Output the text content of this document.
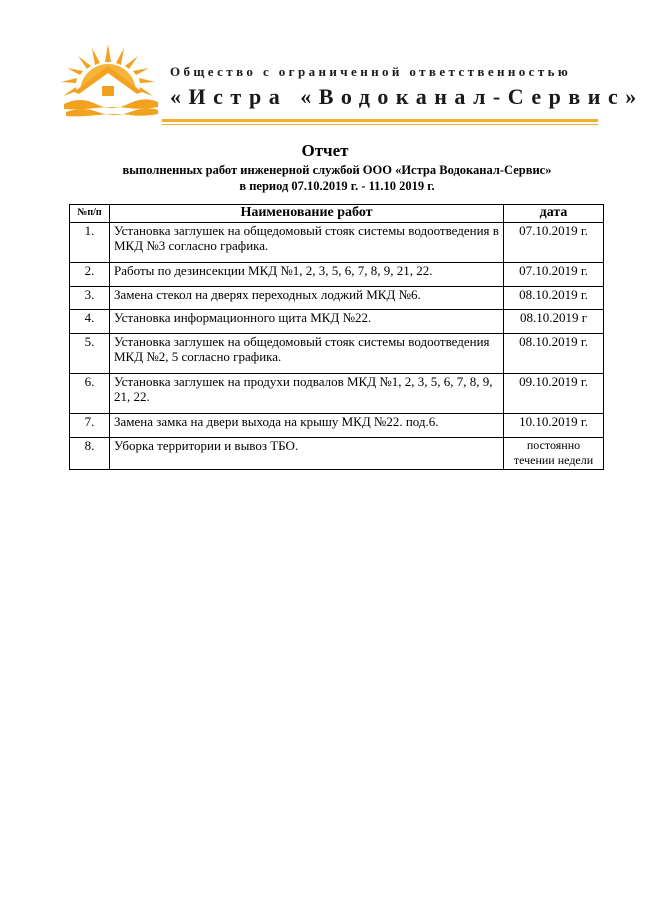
Общество с ограниченной ответственностью
«Истра «Водоканал-Сервис»
Отчет
выполненных работ инженерной службой ООО «Истра Водоканал-Сервис»
в период 07.10.2019 г. - 11.10 2019 г.
№п/п	Наименование работ	дата
1.	Установка заглушек на общедомовый стояк системы водоотведения в МКД №3 согласно графика.	07.10.2019 г.
2.	Работы по дезинсекции МКД №1, 2, 3, 5, 6, 7, 8, 9, 21, 22.	07.10.2019 г.
3.	Замена стекол на дверях переходных лоджий МКД №6.	08.10.2019 г.
4.	Установка информационного щита МКД №22.	08.10.2019 г
5.	Установка заглушек на общедомовый стояк системы водоотведения МКД №2, 5 согласно графика.	08.10.2019 г.
6.	Установка заглушек на продухи подвалов МКД №1, 2, 3, 5, 6, 7, 8, 9, 21, 22.	09.10.2019 г.
7.	Замена замка на двери выхода на крышу МКД №22. под.6.	10.10.2019 г.
8.	Уборка территории и вывоз ТБО.	постоянно течении недели
